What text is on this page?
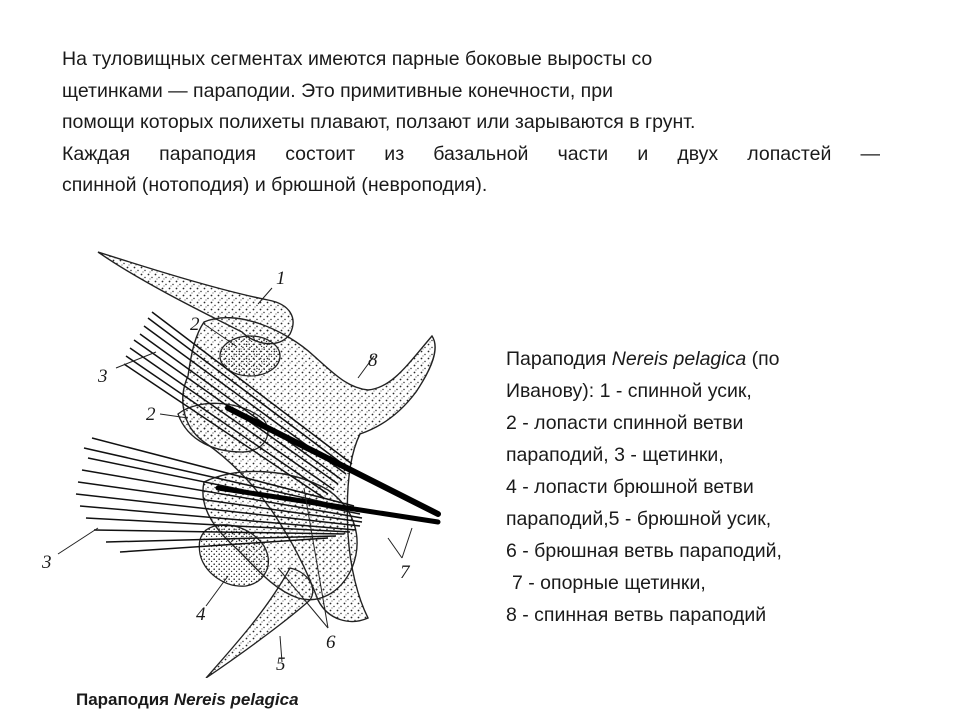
На туловищных сегментах имеются парные боковые выросты со
щетинками — параподии. Это примитивные конечности, при
помощи которых полихеты плавают, ползают или зарываются в грунт.
Каждая параподия состоит из базальной части и двух лопастей —
спинной (нотоподия) и брюшной (невроподия).
1
2
2
3
3
4
5
6
7
8	Параподия Nereis pelagica (по
Иванову): 1 - спинной усик,
2 - лопасти спинной ветви
параподий, 3 - щетинки,
4 - лопасти брюшной ветви
параподий,5 - брюшной усик,
6 - брюшная ветвь параподий,
7 - опорные щетинки,
8 - спинная ветвь параподий
Параподия Nereis pelagica
